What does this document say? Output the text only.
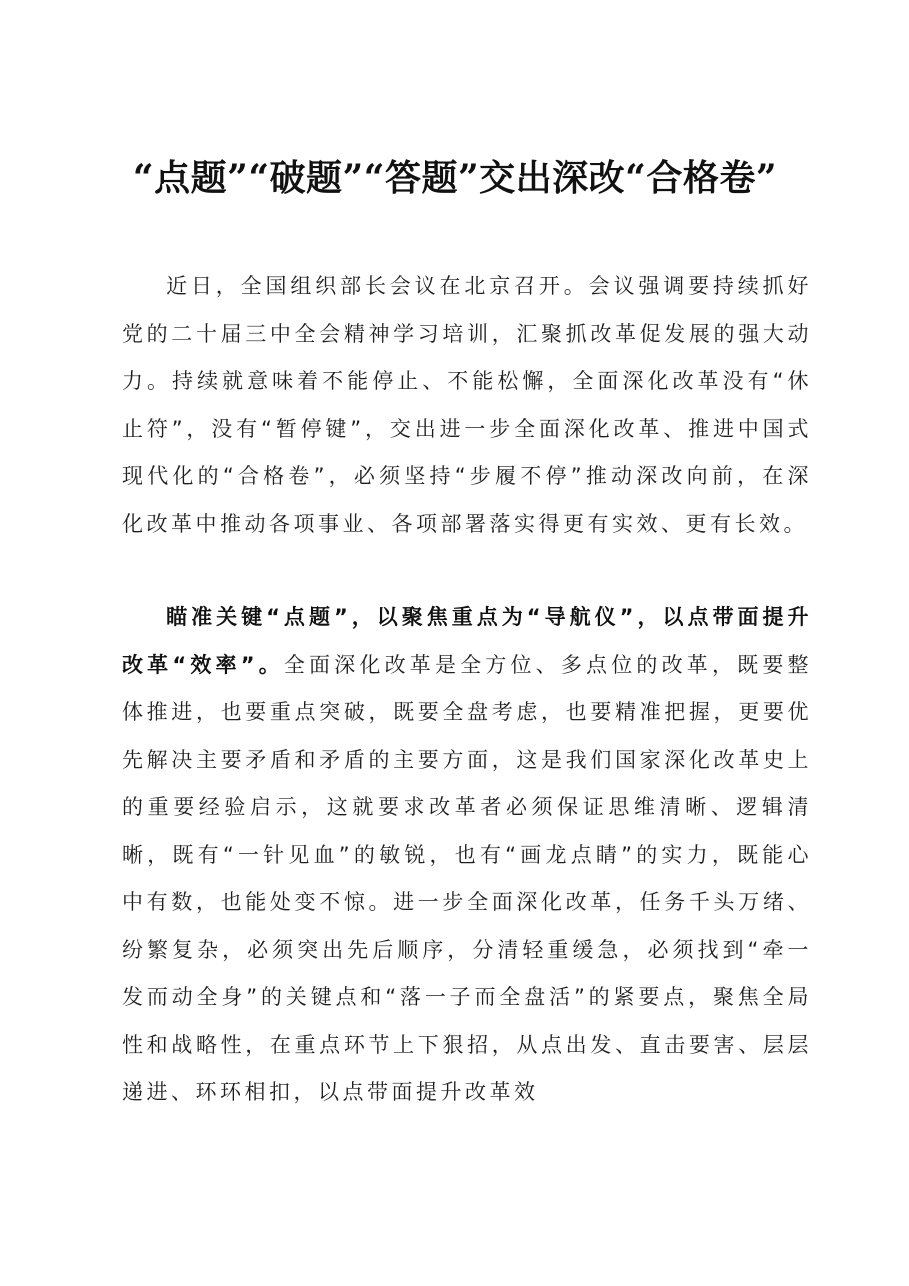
“点题”“破题”“答题”交出深改“合格卷”

近日，全国组织部长会议在北京召开。会议强调要持续抓好党的二十届三中全会精神学习培训，汇聚抓改革促发展的强大动力。持续就意味着不能停止、不能松懈，全面深化改革没有“休止符”，没有“暂停键”，交出进一步全面深化改革、推进中国式现代化的“合格卷”，必须坚持“步履不停”推动深改向前，在深化改革中推动各项事业、各项部署落实得更有实效、更有长效。

瞄准关键“点题”，以聚焦重点为“导航仪”，以点带面提升改革“效率”。全面深化改革是全方位、多点位的改革，既要整体推进，也要重点突破，既要全盘考虑，也要精准把握，更要优先解决主要矛盾和矛盾的主要方面，这是我们国家深化改革史上的重要经验启示，这就要求改革者必须保证思维清晰、逻辑清晰，既有“一针见血”的敏锐，也有“画龙点睛”的实力，既能心中有数，也能处变不惊。进一步全面深化改革，任务千头万绪、纷繁复杂，必须突出先后顺序，分清轻重缓急，必须找到“牵一发而动全身”的关键点和“落一子而全盘活”的紧要点，聚焦全局性和战略性，在重点环节上下狠招，从点出发、直击要害、层层递进、环环相扣，以点带面提升改革效
